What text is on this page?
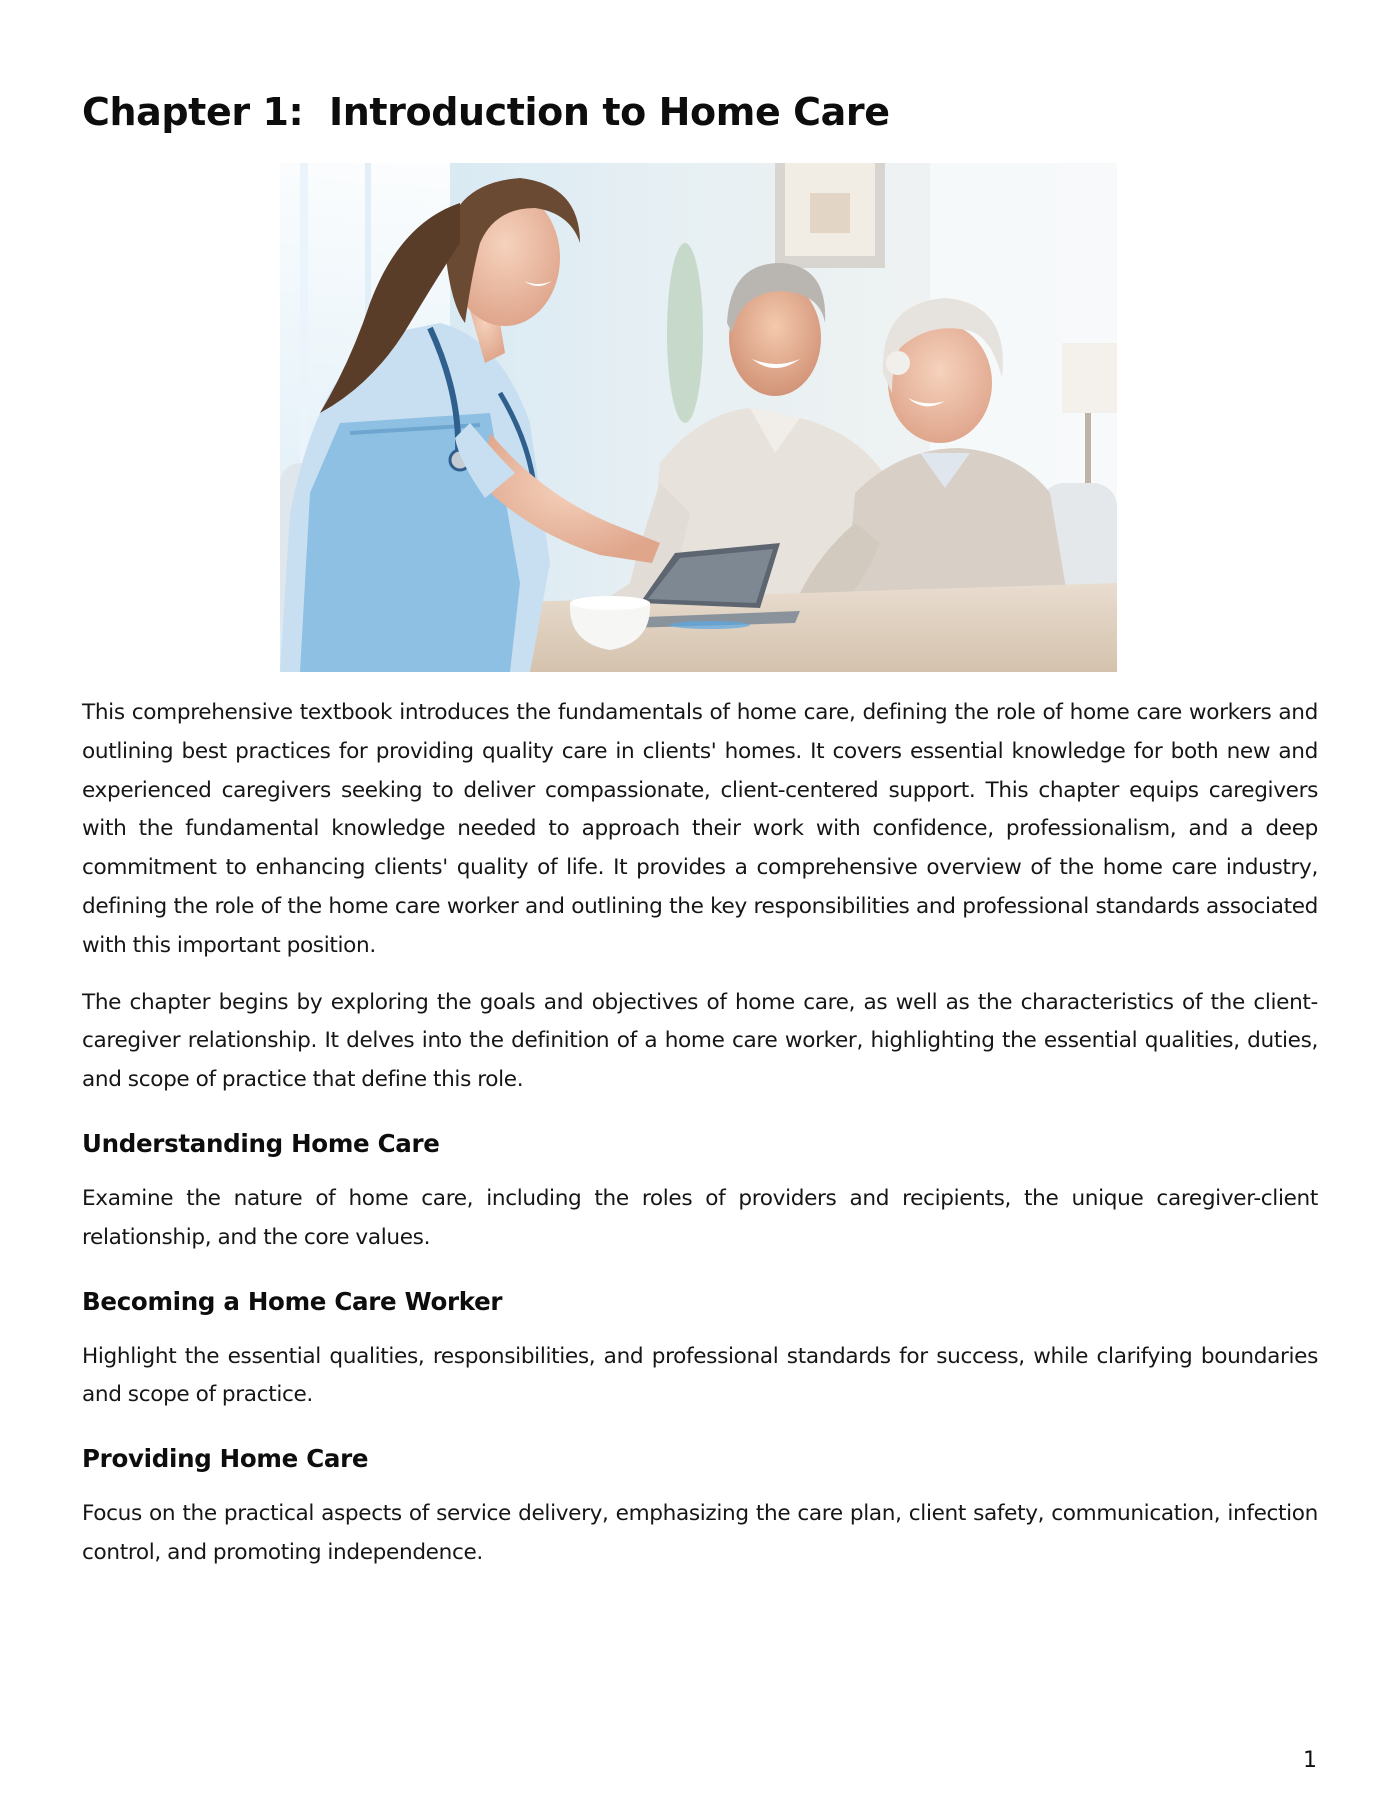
Chapter 1:  Introduction to Home Care

This comprehensive textbook introduces the fundamentals of home care, defining the role of home care workers and outlining best practices for providing quality care in clients' homes. It covers essential knowledge for both new and experienced caregivers seeking to deliver compassionate, client-centered support. This chapter equips caregivers with the fundamental knowledge needed to approach their work with confidence, professionalism, and a deep commitment to enhancing clients' quality of life. It provides a comprehensive overview of the home care industry, defining the role of the home care worker and outlining the key responsibilities and professional standards associated with this important position.

The chapter begins by exploring the goals and objectives of home care, as well as the characteristics of the client-caregiver relationship. It delves into the definition of a home care worker, highlighting the essential qualities, duties, and scope of practice that define this role.

Understanding Home Care

Examine the nature of home care, including the roles of providers and recipients, the unique caregiver-client relationship, and the core values.

Becoming a Home Care Worker

Highlight the essential qualities, responsibilities, and professional standards for success, while clarifying boundaries and scope of practice.

Providing Home Care

Focus on the practical aspects of service delivery, emphasizing the care plan, client safety, communication, infection control, and promoting independence.

1
